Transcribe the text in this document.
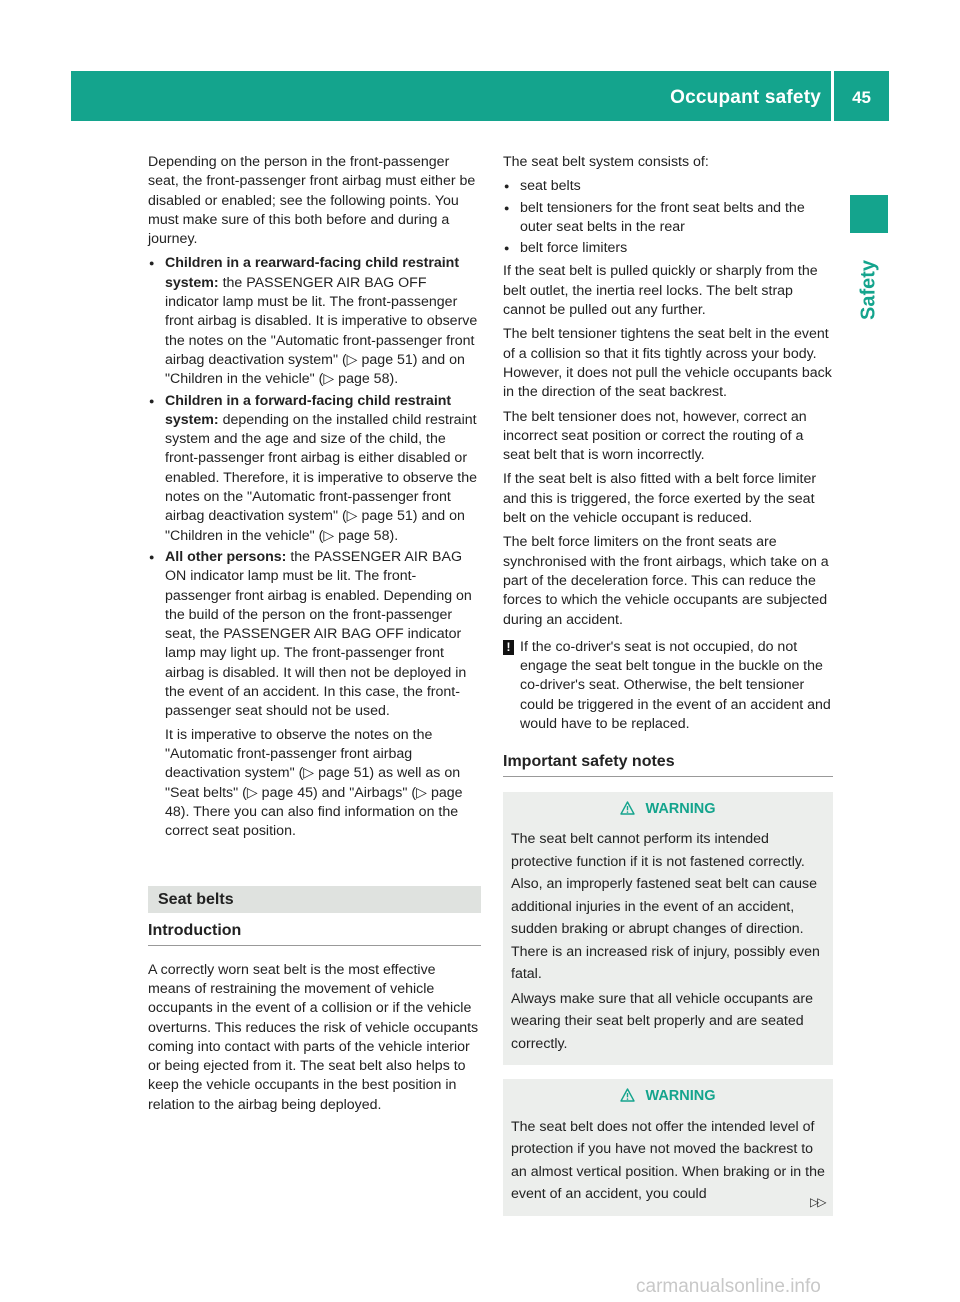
Occupant safety 45
Safety

Depending on the person in the front-passenger seat, the front-passenger front airbag must either be disabled or enabled; see the following points. You must make sure of this both before and during a journey.

● Children in a rearward-facing child restraint system: the PASSENGER AIR BAG OFF indicator lamp must be lit. The front-passenger front airbag is disabled. It is imperative to observe the notes on the "Automatic front-passenger front airbag deactivation system" (▷ page 51) and on "Children in the vehicle" (▷ page 58).
● Children in a forward-facing child restraint system: depending on the installed child restraint system and the age and size of the child, the front-passenger front airbag is either disabled or enabled. Therefore, it is imperative to observe the notes on the "Automatic front-passenger front airbag deactivation system" (▷ page 51) and on "Children in the vehicle" (▷ page 58).
● All other persons: the PASSENGER AIR BAG ON indicator lamp must be lit. The front-passenger front airbag is enabled. Depending on the build of the person on the front-passenger seat, the PASSENGER AIR BAG OFF indicator lamp may light up. The front-passenger front airbag is disabled. It will then not be deployed in the event of an accident. In this case, the front-passenger seat should not be used.

It is imperative to observe the notes on the "Automatic front-passenger front airbag deactivation system" (▷ page 51) as well as on "Seat belts" (▷ page 45) and "Airbags" (▷ page 48). There you can also find information on the correct seat position.

Seat belts
Introduction

A correctly worn seat belt is the most effective means of restraining the movement of vehicle occupants in the event of a collision or if the vehicle overturns. This reduces the risk of vehicle occupants coming into contact with parts of the vehicle interior or being ejected from it. The seat belt also helps to keep the vehicle occupants in the best position in relation to the airbag being deployed.

The seat belt system consists of:

● seat belts
● belt tensioners for the front seat belts and the outer seat belts in the rear
● belt force limiters

If the seat belt is pulled quickly or sharply from the belt outlet, the inertia reel locks. The belt strap cannot be pulled out any further.

The belt tensioner tightens the seat belt in the event of a collision so that it fits tightly across your body. However, it does not pull the vehicle occupants back in the direction of the seat backrest.

The belt tensioner does not, however, correct an incorrect seat position or correct the routing of a seat belt that is worn incorrectly.

If the seat belt is also fitted with a belt force limiter and this is triggered, the force exerted by the seat belt on the vehicle occupant is reduced.

The belt force limiters on the front seats are synchronised with the front airbags, which take on a part of the deceleration force. This can reduce the forces to which the vehicle occupants are subjected during an accident.

! If the co-driver's seat is not occupied, do not engage the seat belt tongue in the buckle on the co-driver's seat. Otherwise, the belt tensioner could be triggered in the event of an accident and would have to be replaced.
Important safety notes
WARNING

The seat belt cannot perform its intended protective function if it is not fastened correctly. Also, an improperly fastened seat belt can cause additional injuries in the event of an accident, sudden braking or abrupt changes of direction. There is an increased risk of injury, possibly even fatal.

Always make sure that all vehicle occupants are wearing their seat belt properly and are seated correctly.

WARNING

The seat belt does not offer the intended level of protection if you have not moved the backrest to an almost vertical position. When braking or in the event of an accident, you could	▷▷
carmanualsonline.info
